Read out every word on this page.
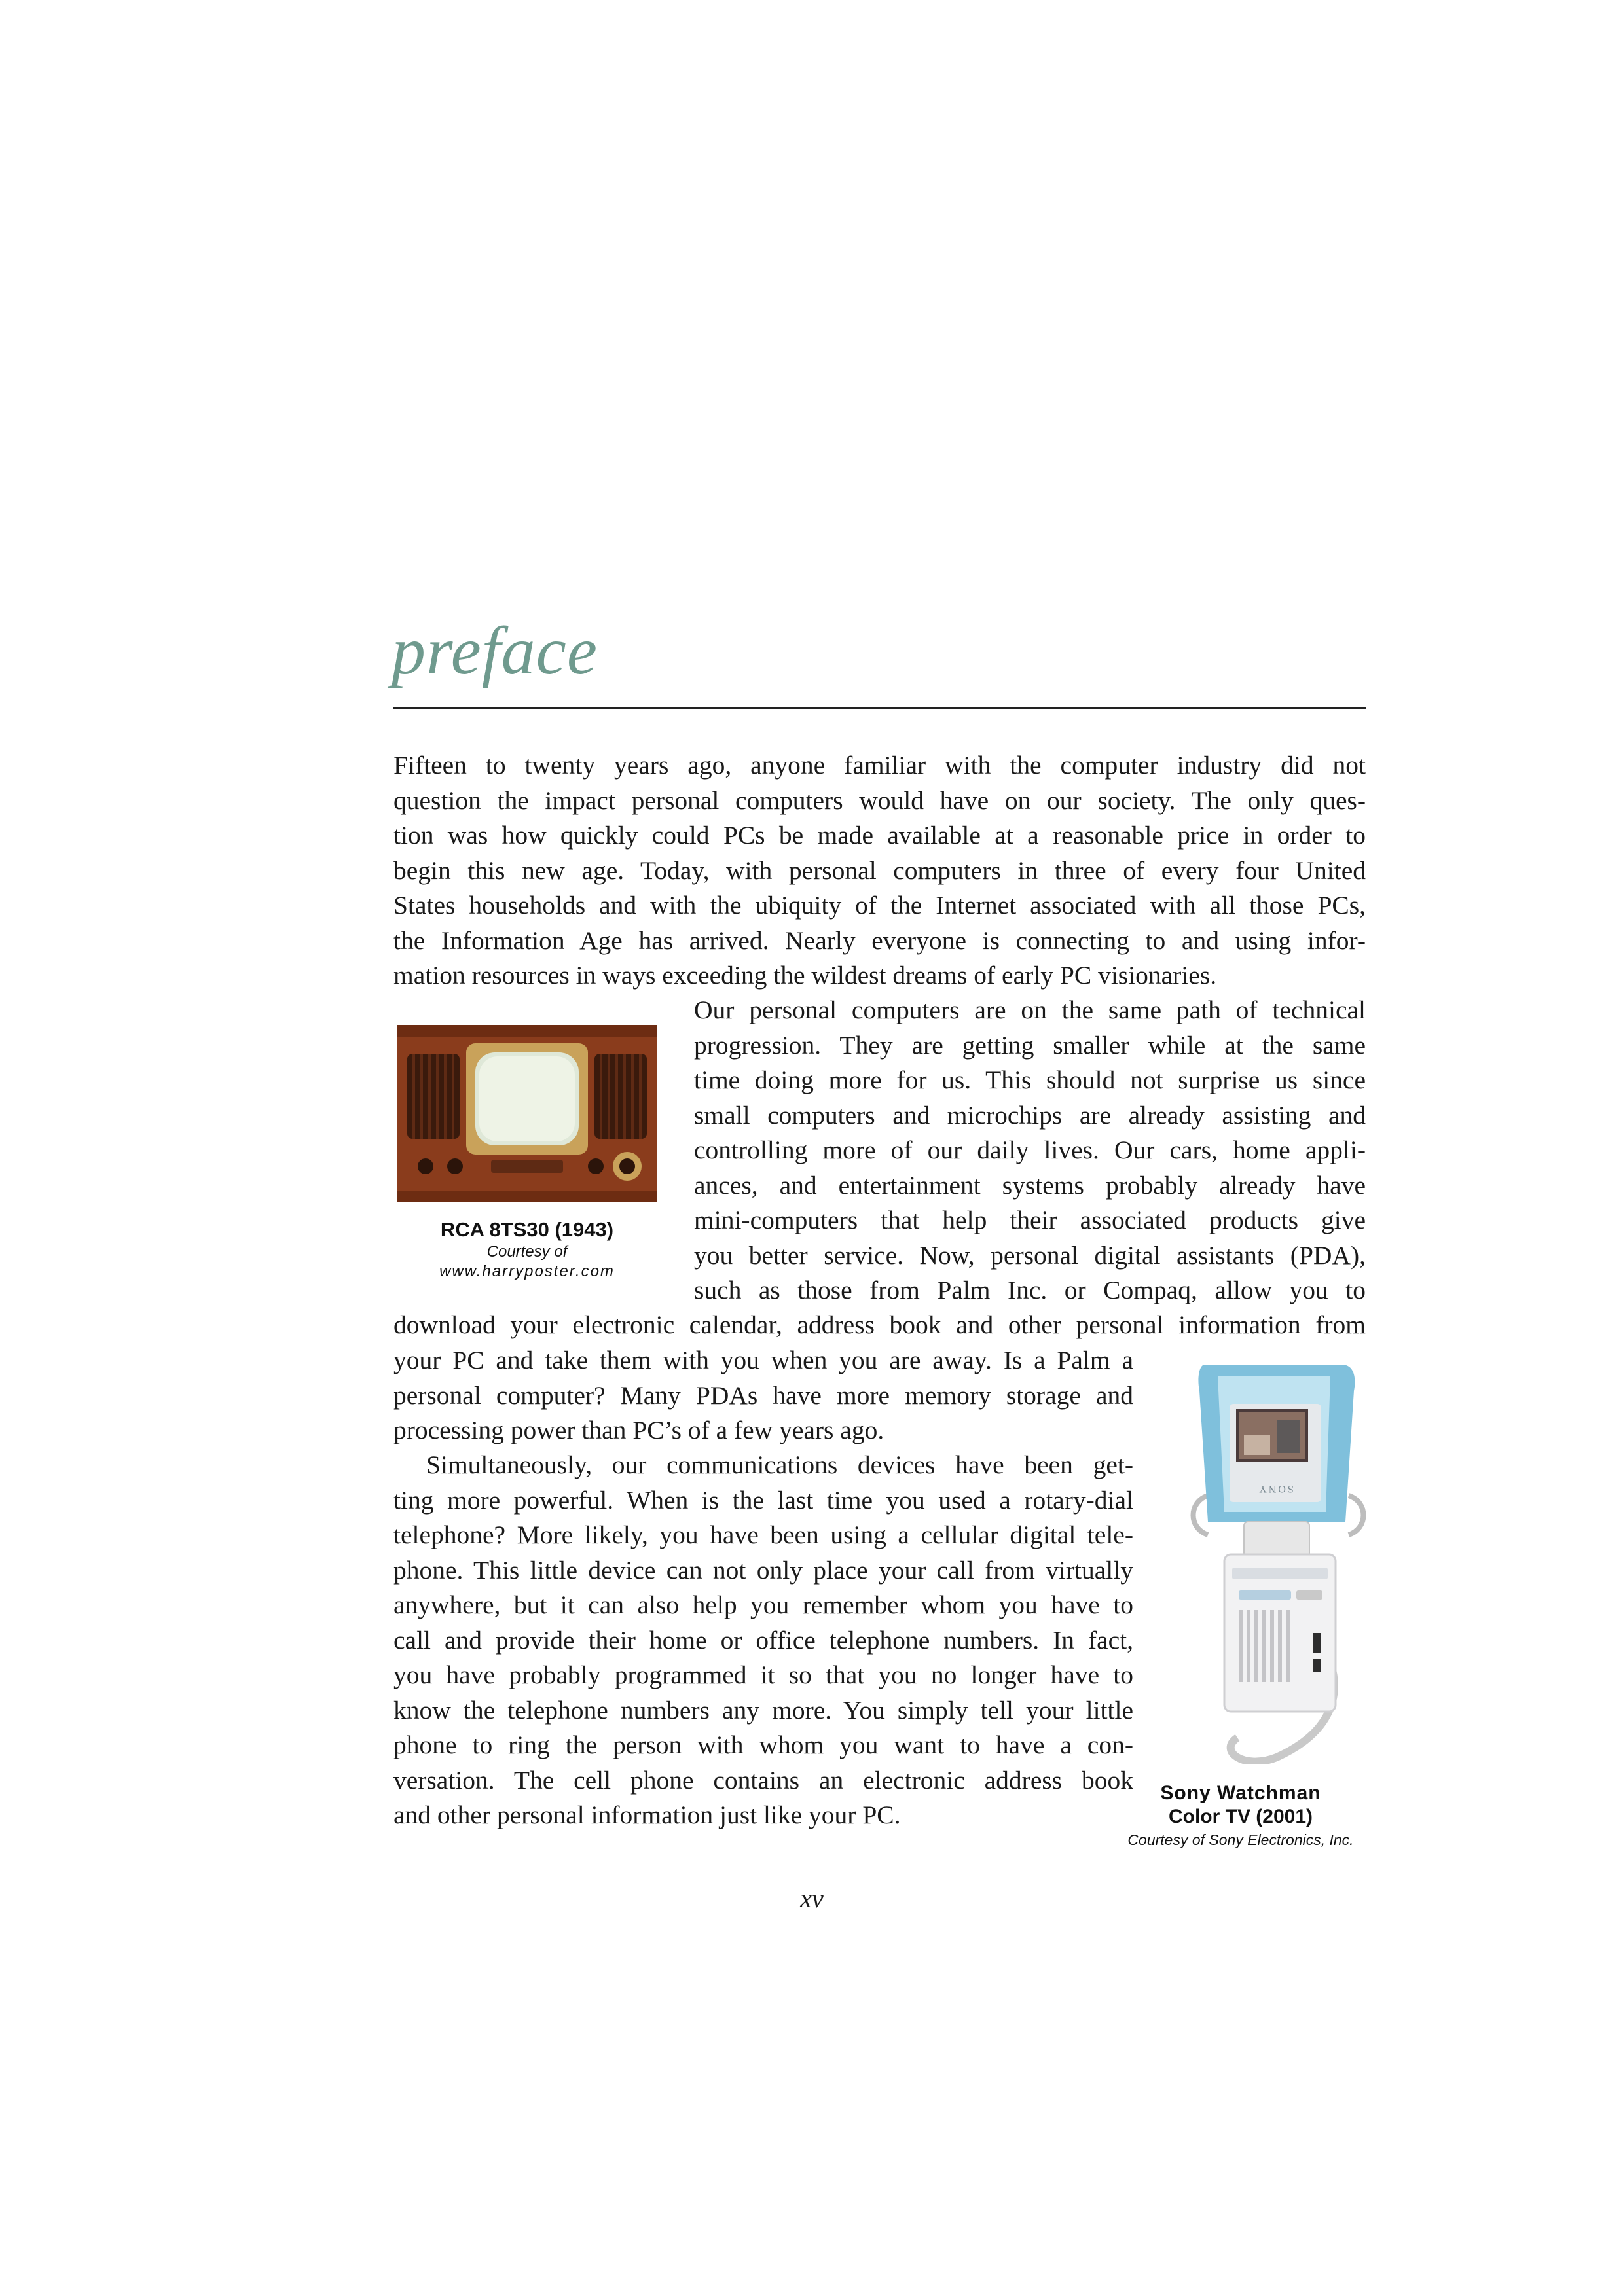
preface
Fifteen to twenty years ago, anyone familiar with the computer industry did not
question the impact personal computers would have on our society. The only ques-
tion was how quickly could PCs be made available at a reasonable price in order to
begin this new age. Today, with personal computers in three of every four United
States households and with the ubiquity of the Internet associated with all those PCs,
the Information Age has arrived. Nearly everyone is connecting to and using infor-
mation resources in ways exceeding the wildest dreams of early PC visionaries.
Our personal computers are on the same path of technical
progression. They are getting smaller while at the same
time doing more for us. This should not surprise us since
small computers and microchips are already assisting and
controlling more of our daily lives. Our cars, home appli-
ances, and entertainment systems probably already have
mini-computers that help their associated products give
you better service. Now, personal digital assistants (PDA),
such as those from Palm Inc. or Compaq, allow you to
download your electronic calendar, address book and other personal information from
your PC and take them with you when you are away. Is a Palm a
personal computer? Many PDAs have more memory storage and
processing power than PC’s of a few years ago.
Simultaneously, our communications devices have been get-
ting more powerful. When is the last time you used a rotary-dial
telephone? More likely, you have been using a cellular digital tele-
phone. This little device can not only place your call from virtually
anywhere, but it can also help you remember whom you have to
call and provide their home or office telephone numbers. In fact,
you have probably programmed it so that you no longer have to
know the telephone numbers any more. You simply tell your little
phone to ring the person with whom you want to have a con-
versation. The cell phone contains an electronic address book
and other personal information just like your PC.
RCA 8TS30 (1943)
Courtesy of
www.harryposter.com
SONY
Sony Watchman
Color TV (2001)
Courtesy of Sony Electronics, Inc.
xv
